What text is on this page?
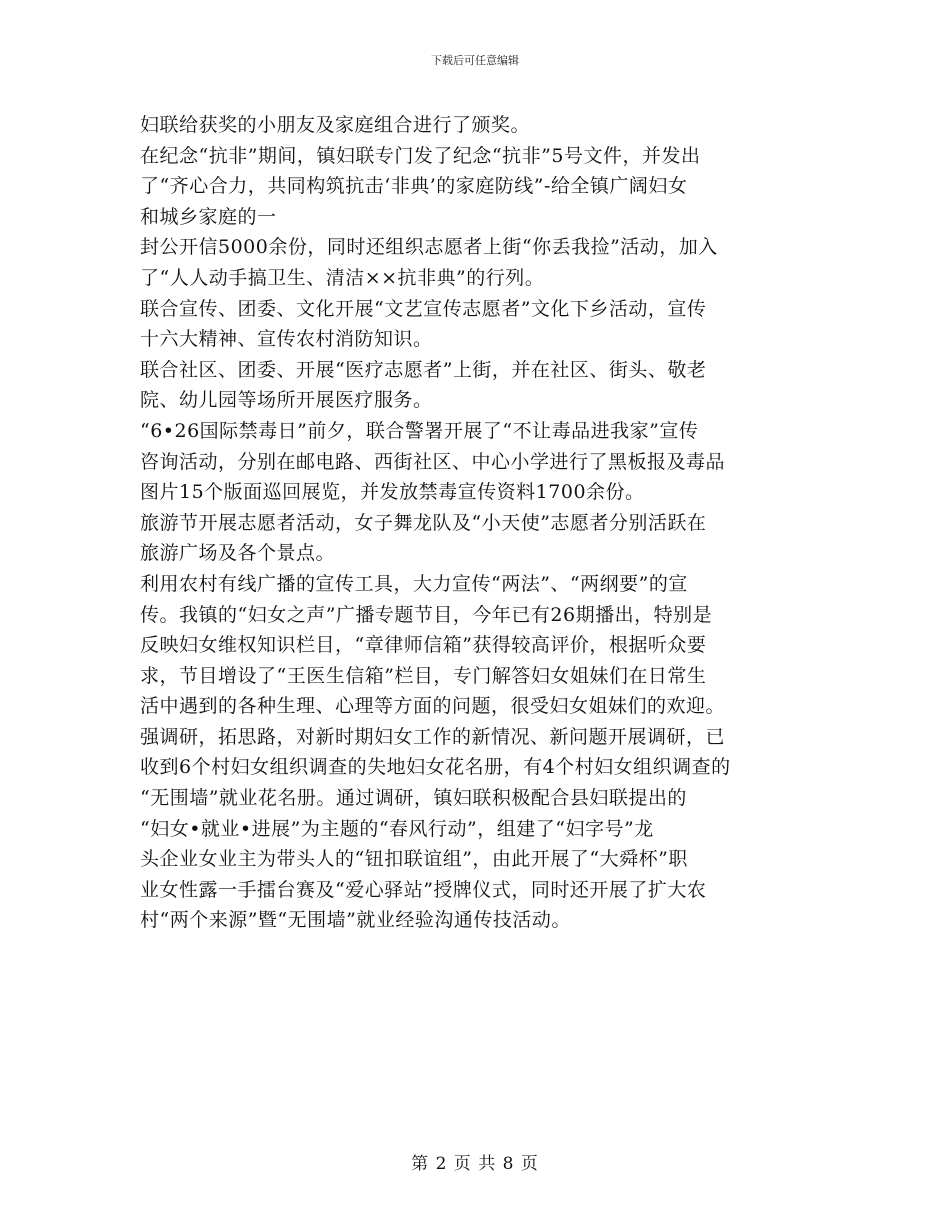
下载后可任意编辑
妇联给获奖的小朋友及家庭组合进行了颁奖。
在纪念“抗非”期间，镇妇联专门发了纪念“抗非”5号文件，并发出
了“齐心合力，共同构筑抗击‘非典’的家庭防线”-给全镇广阔妇女
和城乡家庭的一
封公开信5000余份，同时还组织志愿者上街“你丢我捡”活动，加入
了“人人动手搞卫生、清洁××抗非典”的行列。
联合宣传、团委、文化开展“文艺宣传志愿者”文化下乡活动，宣传
十六大精神、宣传农村消防知识。
联合社区、团委、开展“医疗志愿者”上街，并在社区、街头、敬老
院、幼儿园等场所开展医疗服务。
“6•26国际禁毒日”前夕，联合警署开展了“不让毒品进我家”宣传
咨询活动，分别在邮电路、西街社区、中心小学进行了黑板报及毒品
图片15个版面巡回展览，并发放禁毒宣传资料1700余份。
旅游节开展志愿者活动，女子舞龙队及“小天使”志愿者分别活跃在
旅游广场及各个景点。
利用农村有线广播的宣传工具，大力宣传“两法”、“两纲要”的宣
传。我镇的“妇女之声”广播专题节目，今年已有26期播出，特别是
反映妇女维权知识栏目，“章律师信箱”获得较高评价，根据听众要
求，节目增设了“王医生信箱”栏目，专门解答妇女姐妹们在日常生
活中遇到的各种生理、心理等方面的问题，很受妇女姐妹们的欢迎。
强调研，拓思路，对新时期妇女工作的新情况、新问题开展调研，已
收到6个村妇女组织调查的失地妇女花名册，有4个村妇女组织调查的
“无围墙”就业花名册。通过调研，镇妇联积极配合县妇联提出的
“妇女•就业•进展”为主题的“春风行动”，组建了“妇字号”龙
头企业女业主为带头人的“钮扣联谊组”，由此开展了“大舜杯”职
业女性露一手擂台赛及“爱心驿站”授牌仪式，同时还开展了扩大农
村“两个来源”暨“无围墙”就业经验沟通传技活动。
第 2 页 共 8 页
